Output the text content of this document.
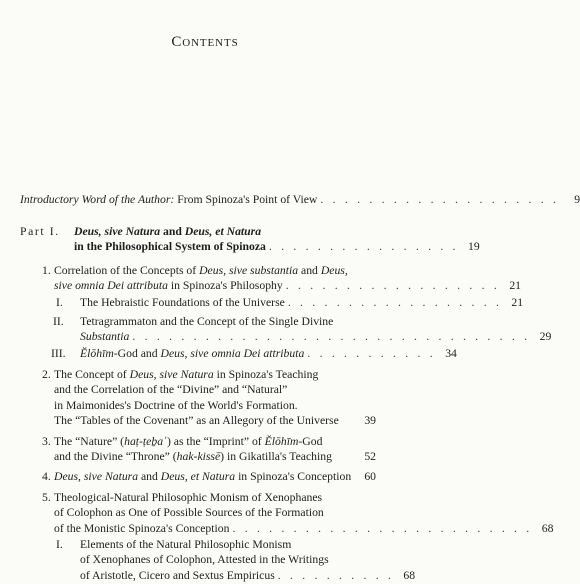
Contents
Introductory Word of the Author: From Spinoza's Point of View . . . . . . . . . . . . . . . . . . . .	9
Part I. Deus, sive Natura and Deus, et Natura
in the Philosophical System of Spinoza . . . . . . . . . . . . . . . . 19
1. Correlation of the Concepts of Deus, sive substantia and Deus,
sive omnia Dei attributa in Spinoza's Philosophy . . . . . . . . . . . . . . . . . . 21
I.	The Hebraistic Foundations of the Universe . . . . . . . . . . . . . . . . . . 21
II.	Tetragrammaton and the Concept of the Single Divine
Substantia . . . . . . . . . . . . . . . . . . . . . . . . . . . . . . . . . 29
III.	Ĕlōhīm-God and Deus, sive omnia Dei attributa . . . . . . . . . . . 34
2. The Concept of Deus, sive Natura in Spinoza's Teaching
and the Correlation of the “Divine” and “Natural”
in Maimonides's Doctrine of the World's Formation.
The “Tables of the Covenant” as an Allegory of the Universe	39
3. The “Nature” (haṭ-ṭeḇaʿ) as the “Imprint” of Ĕlōhīm-God
and the Divine “Throne” (hak-kissē) in Gikatilla's Teaching	52
4. Deus, sive Natura and Deus, et Natura in Spinoza's Conception	60
5. Theological-Natural Philosophic Monism of Xenophanes
of Colophon as One of Possible Sources of the Formation
of the Monistic Spinoza's Conception . . . . . . . . . . . . . . . . . . . . . . . . . 68
I.	Elements of the Natural Philosophic Monism
of Xenophanes of Colophon, Attested in the Writings
of Aristotle, Cicero and Sextus Empiricus . . . . . . . . . . 68
